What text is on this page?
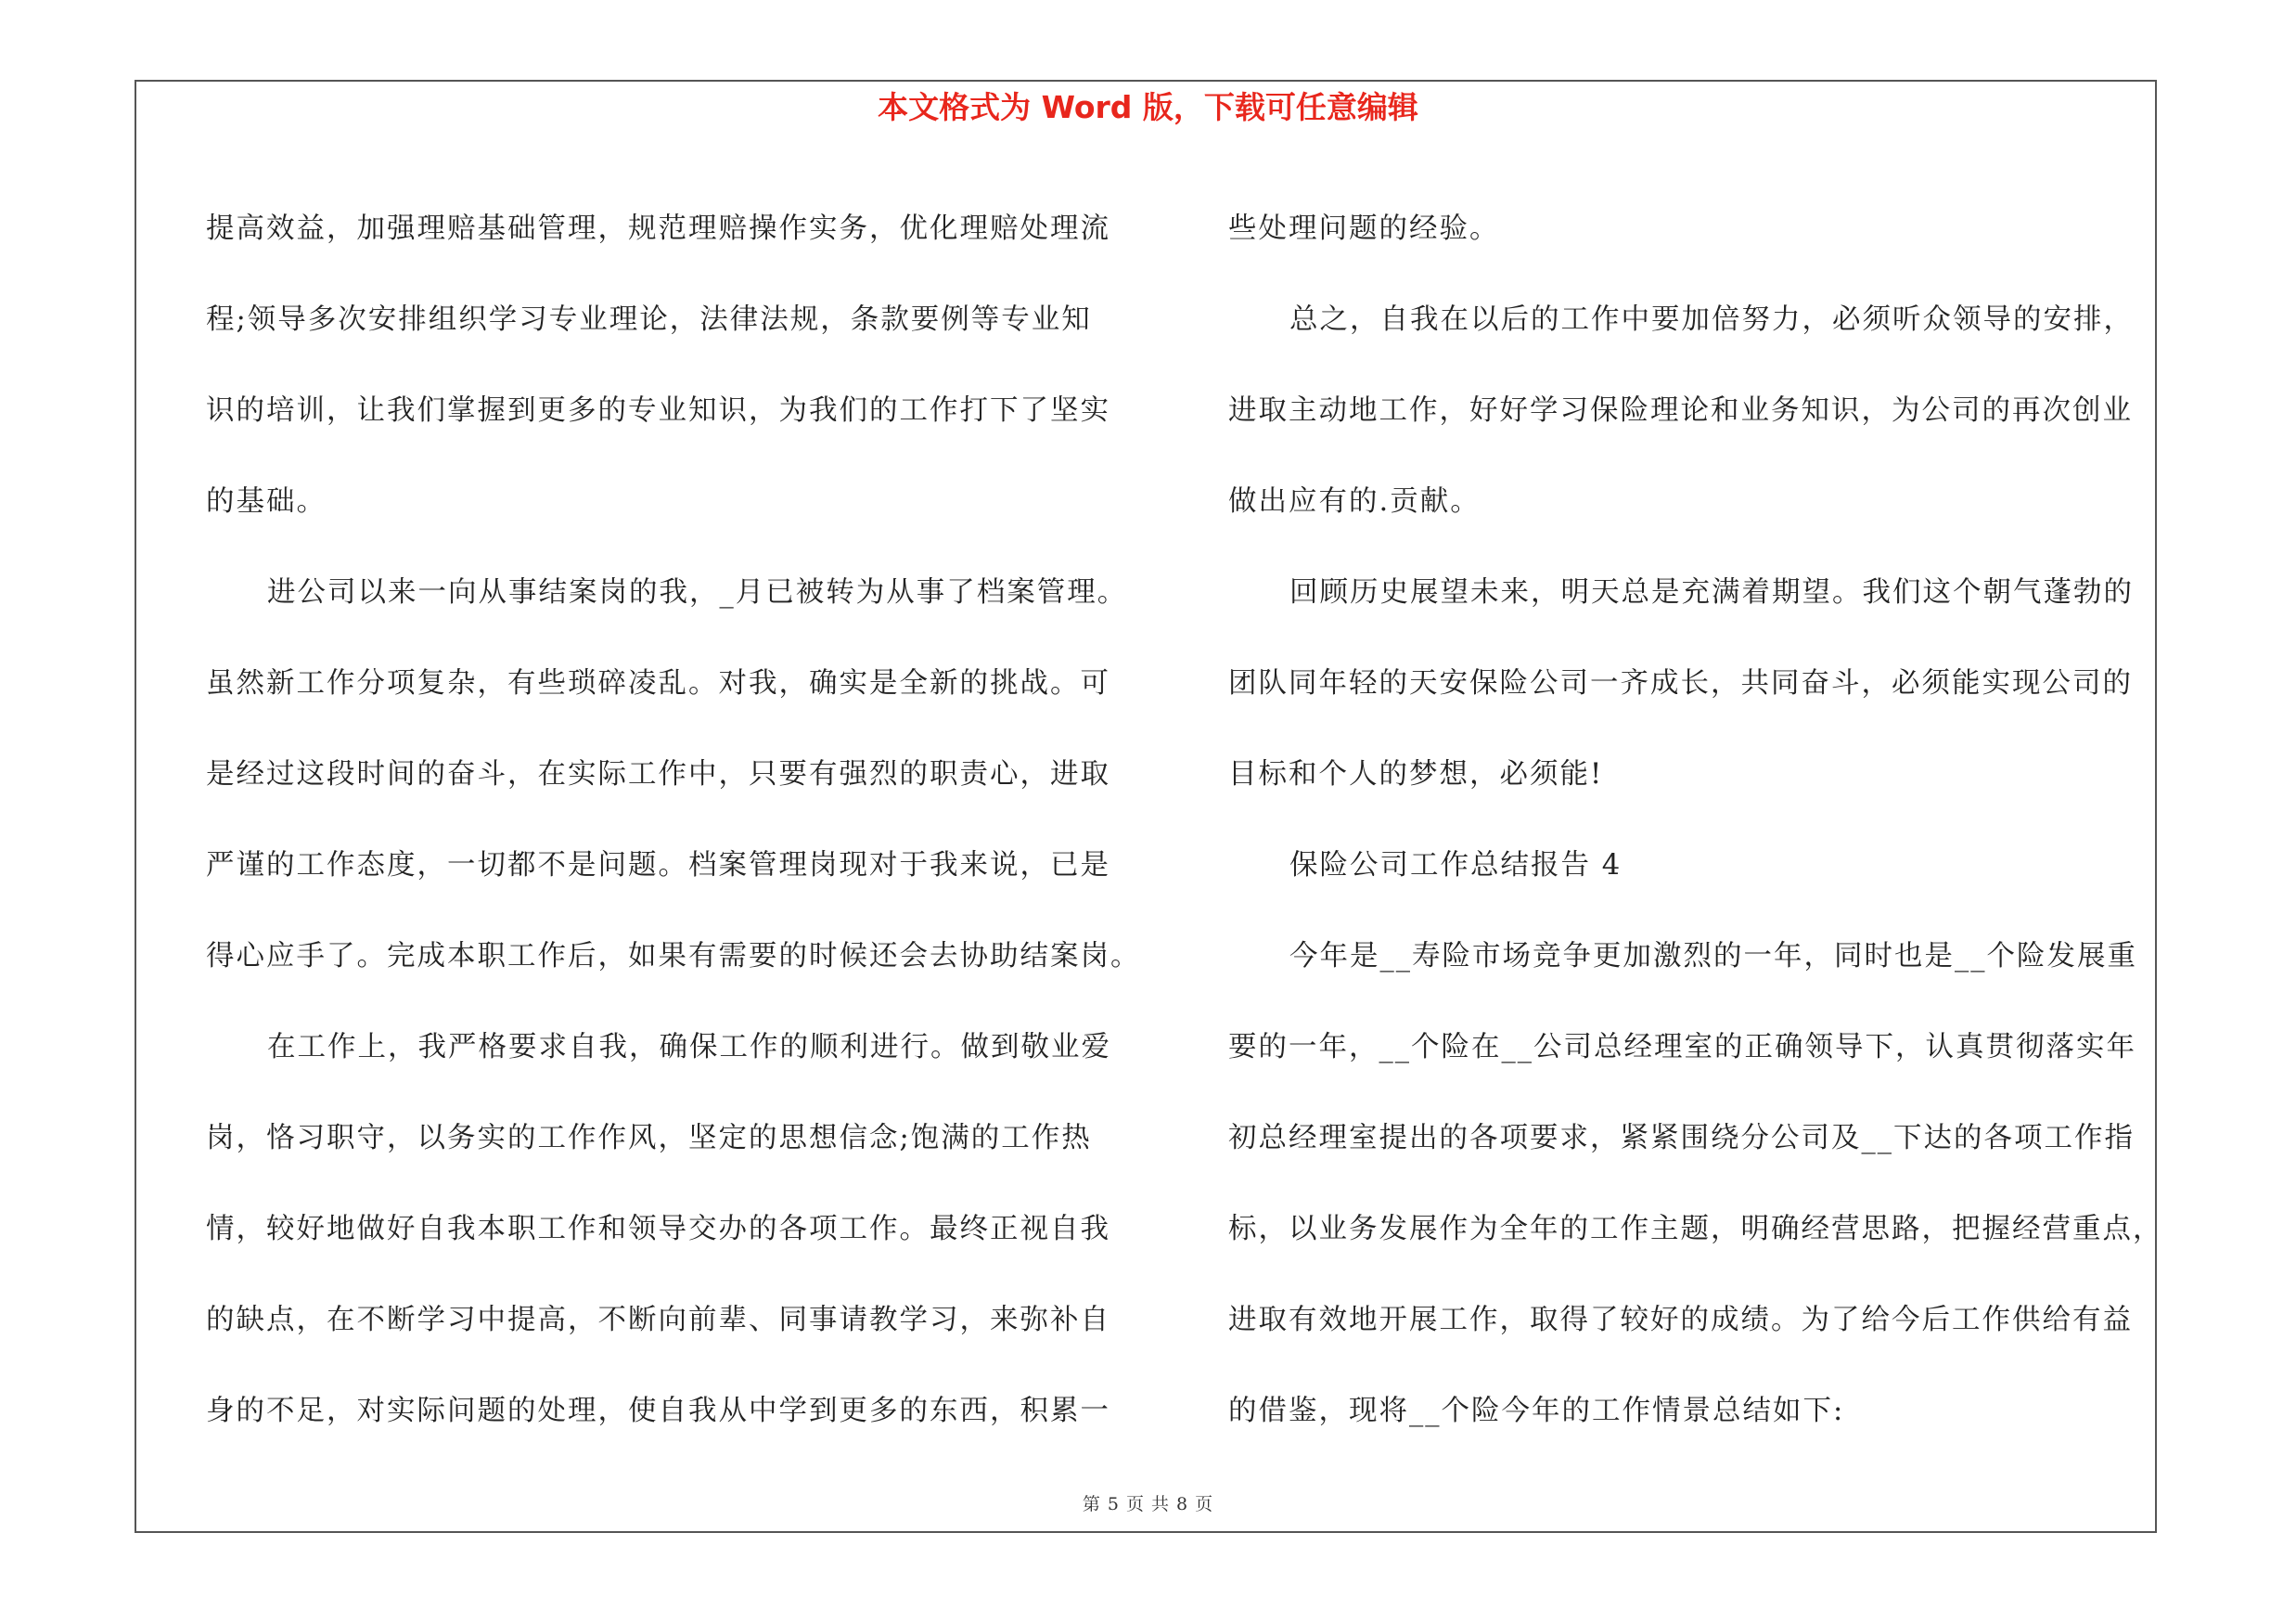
本文格式为 Word 版，下载可任意编辑
提高效益，加强理赔基础管理，规范理赔操作实务，优化理赔处理流
程;领导多次安排组织学习专业理论，法律法规，条款要例等专业知
识的培训，让我们掌握到更多的专业知识，为我们的工作打下了坚实
的基础。
进公司以来一向从事结案岗的我，_月已被转为从事了档案管理。
虽然新工作分项复杂，有些琐碎凌乱。对我，确实是全新的挑战。可
是经过这段时间的奋斗，在实际工作中，只要有强烈的职责心，进取
严谨的工作态度，一切都不是问题。档案管理岗现对于我来说，已是
得心应手了。完成本职工作后，如果有需要的时候还会去协助结案岗。
在工作上，我严格要求自我，确保工作的顺利进行。做到敬业爱
岗，恪习职守，以务实的工作作风，坚定的思想信念;饱满的工作热
情，较好地做好自我本职工作和领导交办的各项工作。最终正视自我
的缺点，在不断学习中提高，不断向前辈、同事请教学习，来弥补自
身的不足，对实际问题的处理，使自我从中学到更多的东西，积累一
些处理问题的经验。
总之，自我在以后的工作中要加倍努力，必须听众领导的安排，
进取主动地工作，好好学习保险理论和业务知识，为公司的再次创业
做出应有的.贡献。
回顾历史展望未来，明天总是充满着期望。我们这个朝气蓬勃的
团队同年轻的天安保险公司一齐成长，共同奋斗，必须能实现公司的
目标和个人的梦想，必须能!
保险公司工作总结报告 4
今年是__寿险市场竞争更加激烈的一年，同时也是__个险发展重
要的一年，__个险在__公司总经理室的正确领导下，认真贯彻落实年
初总经理室提出的各项要求，紧紧围绕分公司及__下达的各项工作指
标，以业务发展作为全年的工作主题，明确经营思路，把握经营重点，
进取有效地开展工作，取得了较好的成绩。为了给今后工作供给有益
的借鉴，现将__个险今年的工作情景总结如下:
第 5 页 共 8 页
